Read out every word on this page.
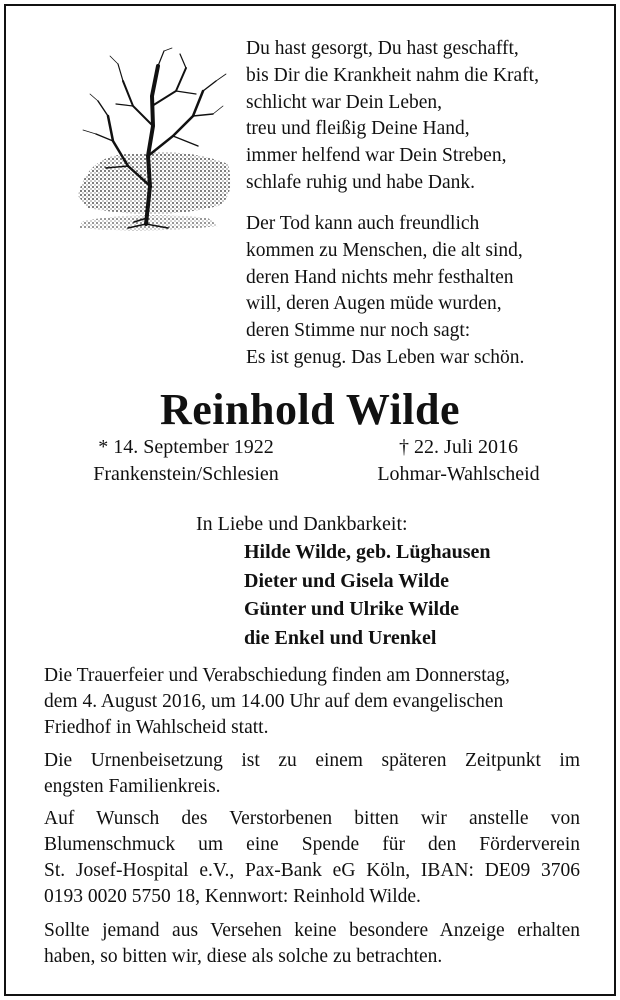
Du hast gesorgt, Du hast geschafft,

bis Dir die Krankheit nahm die Kraft,

schlicht war Dein Leben,

treu und fleißig Deine Hand,

immer helfend war Dein Streben,

schlafe ruhig und habe Dank.

Der Tod kann auch freundlich

kommen zu Menschen, die alt sind,

deren Hand nichts mehr festhalten

will, deren Augen müde wurden,

deren Stimme nur noch sagt:

Es ist genug. Das Leben war schön.

Reinhold Wilde

* 14. September 1922

Frankenstein/Schlesien

† 22. Juli 2016

Lohmar-Wahlscheid

In Liebe und Dankbarkeit:

Hilde Wilde, geb. Lüghausen

Dieter und Gisela Wilde

Günter und Ulrike Wilde

die Enkel und Urenkel

Die Trauerfeier und Verabschiedung finden am Donnerstag,

dem 4. August 2016, um 14.00 Uhr auf dem evangelischen

Friedhof in Wahlscheid statt.

Die Urnenbeisetzung ist zu einem späteren Zeitpunkt im

engsten Familienkreis.

Auf Wunsch des Verstorbenen bitten wir anstelle von

Blumenschmuck um eine Spende für den Förderverein

St. Josef-Hospital e.V., Pax-Bank eG Köln, IBAN: DE09 3706

0193 0020 5750 18, Kennwort: Reinhold Wilde.

Sollte jemand aus Versehen keine besondere Anzeige erhalten

haben, so bitten wir, diese als solche zu betrachten.
